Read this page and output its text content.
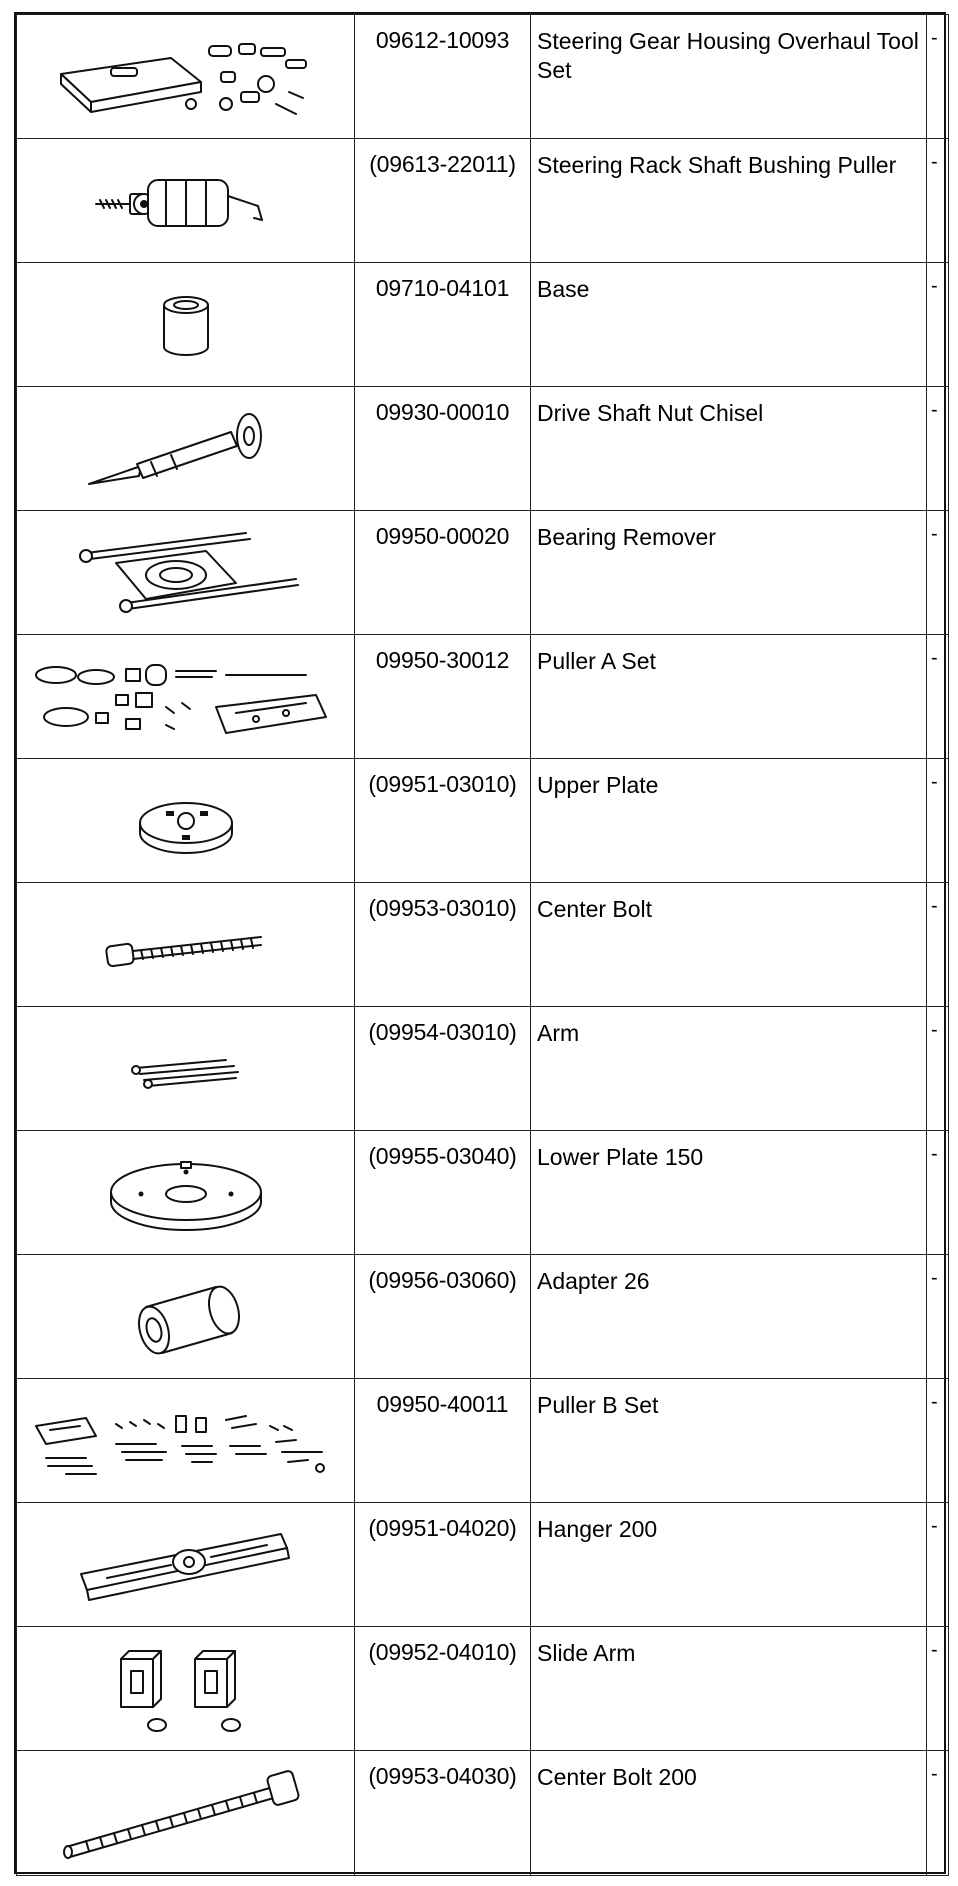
	09612-10093	Steering Gear Housing Overhaul Tool Set	-

	(09613-22011)	Steering Rack Shaft Bushing Puller	-

	09710-04101	Base	-

	09930-00010	Drive Shaft Nut Chisel	-

	09950-00020	Bearing Remover	-

	09950-30012	Puller A Set	-

	(09951-03010)	Upper Plate	-

	(09953-03010)	Center Bolt	-

	(09954-03010)	Arm	-

	(09955-03040)	Lower Plate 150	-

	(09956-03060)	Adapter 26	-

	09950-40011	Puller B Set	-

	(09951-04020)	Hanger 200	-

	(09952-04010)	Slide Arm	-

	(09953-04030)	Center Bolt 200	-
